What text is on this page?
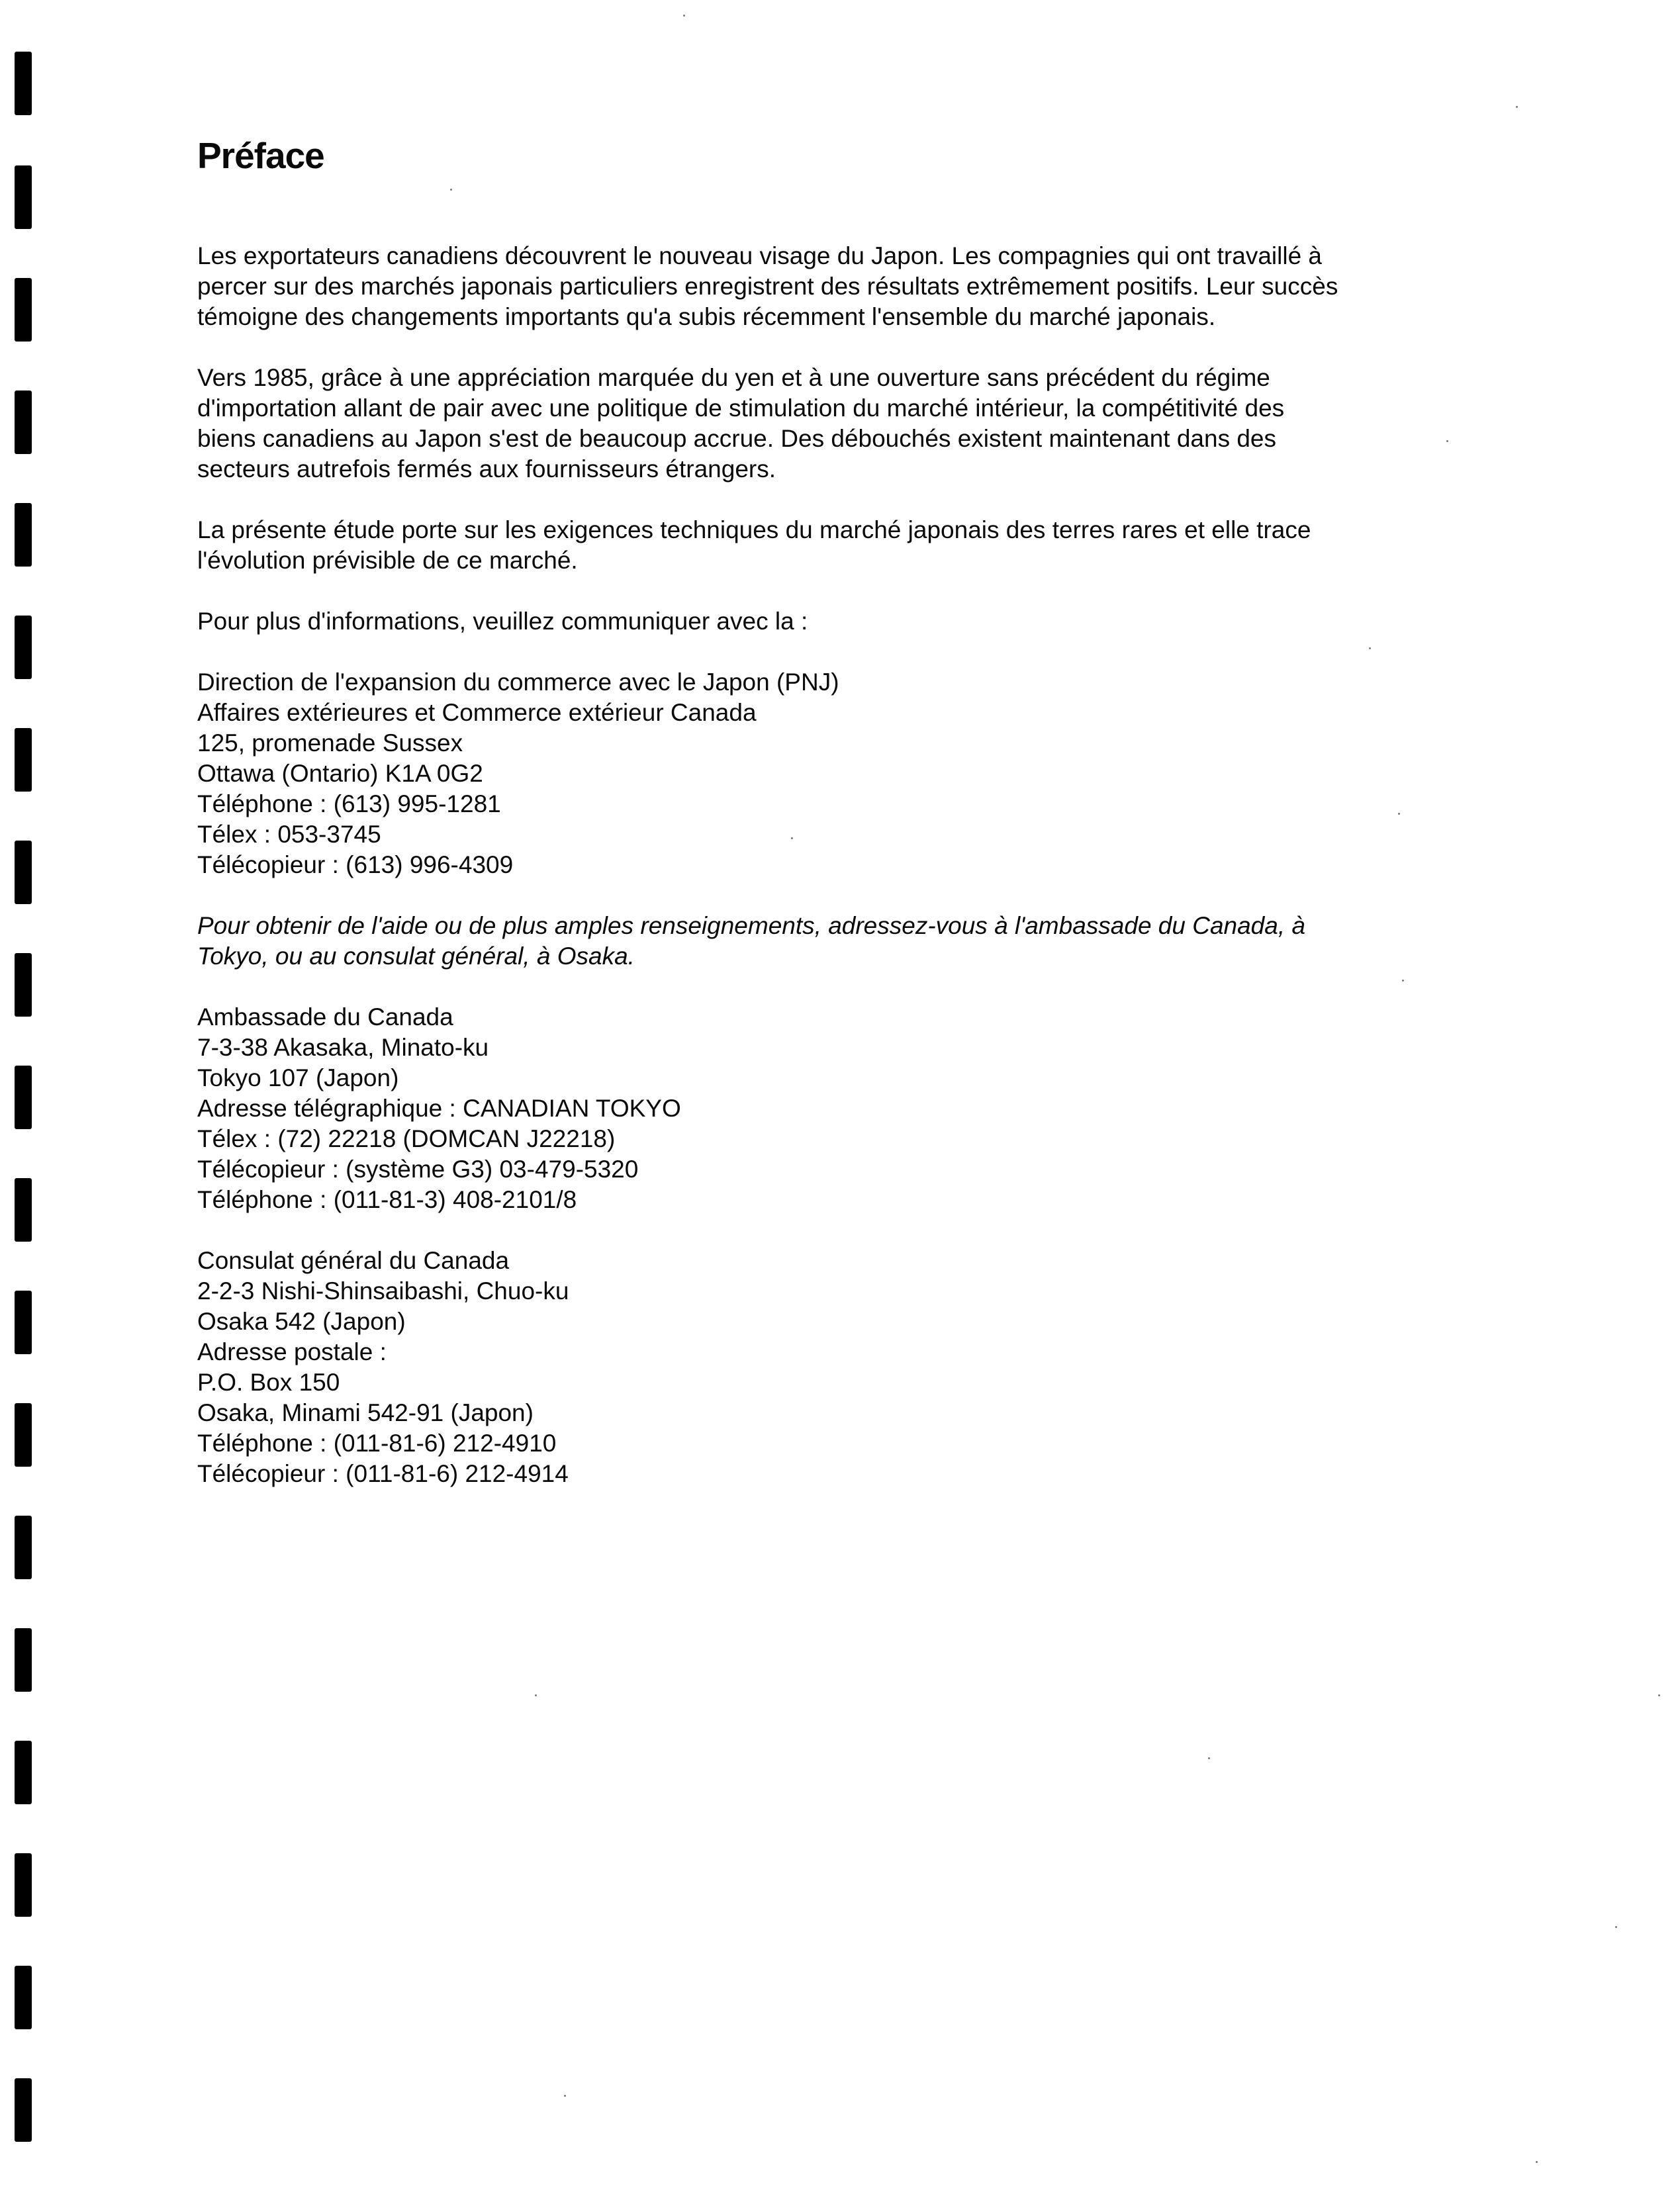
Préface
Les exportateurs canadiens découvrent le nouveau visage du Japon. Les compagnies qui ont travaillé à
percer sur des marchés japonais particuliers enregistrent des résultats extrêmement positifs. Leur succès
témoigne des changements importants qu'a subis récemment l'ensemble du marché japonais.
Vers 1985, grâce à une appréciation marquée du yen et à une ouverture sans précédent du régime
d'importation allant de pair avec une politique de stimulation du marché intérieur, la compétitivité des
biens canadiens au Japon s'est de beaucoup accrue. Des débouchés existent maintenant dans des
secteurs autrefois fermés aux fournisseurs étrangers.
La présente étude porte sur les exigences techniques du marché japonais des terres rares et elle trace
l'évolution prévisible de ce marché.
Pour plus d'informations, veuillez communiquer avec la :
Direction de l'expansion du commerce avec le Japon (PNJ)
Affaires extérieures et Commerce extérieur Canada
125, promenade Sussex
Ottawa (Ontario) K1A 0G2
Téléphone : (613) 995-1281
Télex : 053-3745
Télécopieur : (613) 996-4309
Pour obtenir de l'aide ou de plus amples renseignements, adressez-vous à l'ambassade du Canada, à
Tokyo, ou au consulat général, à Osaka.
Ambassade du Canada
7-3-38 Akasaka, Minato-ku
Tokyo 107 (Japon)
Adresse télégraphique : CANADIAN TOKYO
Télex : (72) 22218 (DOMCAN J22218)
Télécopieur : (système G3) 03-479-5320
Téléphone : (011-81-3) 408-2101/8
Consulat général du Canada
2-2-3 Nishi-Shinsaibashi, Chuo-ku
Osaka 542 (Japon)
Adresse postale :
P.O. Box 150
Osaka, Minami 542-91 (Japon)
Téléphone : (011-81-6) 212-4910
Télécopieur : (011-81-6) 212-4914
